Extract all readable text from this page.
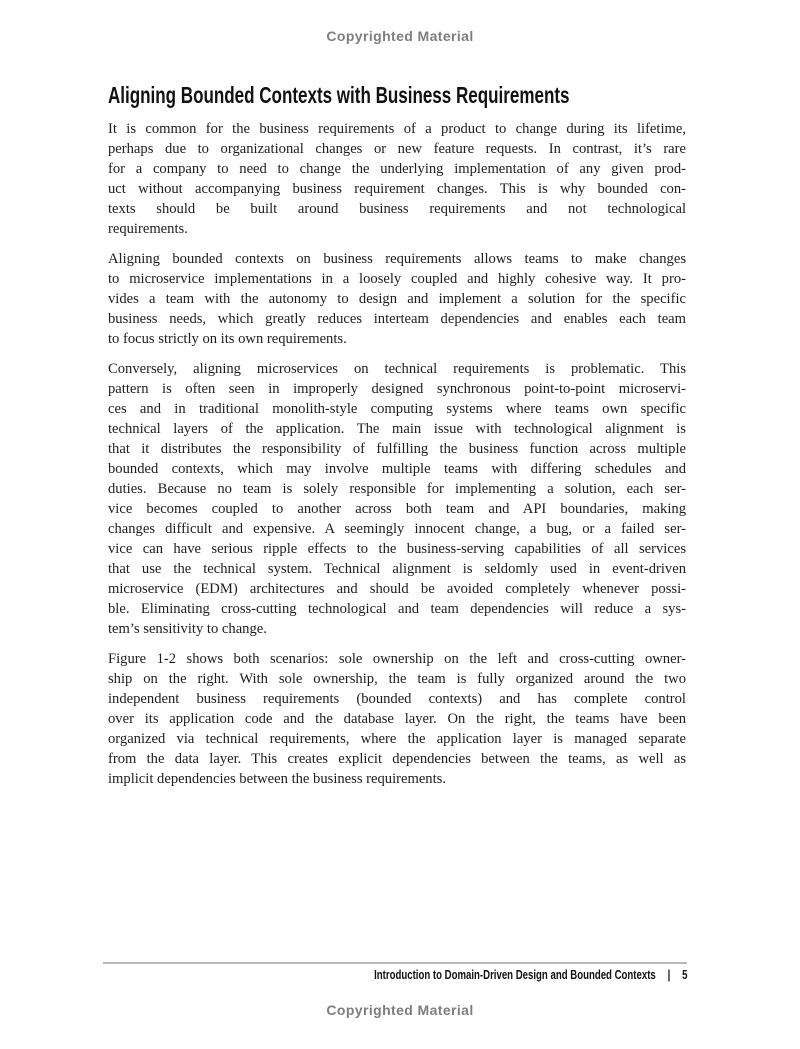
Copyrighted Material
Aligning Bounded Contexts with Business Requirements
It is common for the business requirements of a product to change during its lifetime,
perhaps due to organizational changes or new feature requests. In contrast, it’s rare
for a company to need to change the underlying implementation of any given prod-
uct without accompanying business requirement changes. This is why bounded con-
texts should be built around business requirements and not technological
requirements.
Aligning bounded contexts on business requirements allows teams to make changes
to microservice implementations in a loosely coupled and highly cohesive way. It pro-
vides a team with the autonomy to design and implement a solution for the specific
business needs, which greatly reduces interteam dependencies and enables each team
to focus strictly on its own requirements.
Conversely, aligning microservices on technical requirements is problematic. This
pattern is often seen in improperly designed synchronous point-to-point microservi-
ces and in traditional monolith-style computing systems where teams own specific
technical layers of the application. The main issue with technological alignment is
that it distributes the responsibility of fulfilling the business function across multiple
bounded contexts, which may involve multiple teams with differing schedules and
duties. Because no team is solely responsible for implementing a solution, each ser-
vice becomes coupled to another across both team and API boundaries, making
changes difficult and expensive. A seemingly innocent change, a bug, or a failed ser-
vice can have serious ripple effects to the business-serving capabilities of all services
that use the technical system. Technical alignment is seldomly used in event-driven
microservice (EDM) architectures and should be avoided completely whenever possi-
ble. Eliminating cross-cutting technological and team dependencies will reduce a sys-
tem’s sensitivity to change.
Figure 1-2 shows both scenarios: sole ownership on the left and cross-cutting owner-
ship on the right. With sole ownership, the team is fully organized around the two
independent business requirements (bounded contexts) and has complete control
over its application code and the database layer. On the right, the teams have been
organized via technical requirements, where the application layer is managed separate
from the data layer. This creates explicit dependencies between the teams, as well as
implicit dependencies between the business requirements.
Introduction to Domain-Driven Design and Bounded Contexts | 5
Copyrighted Material
